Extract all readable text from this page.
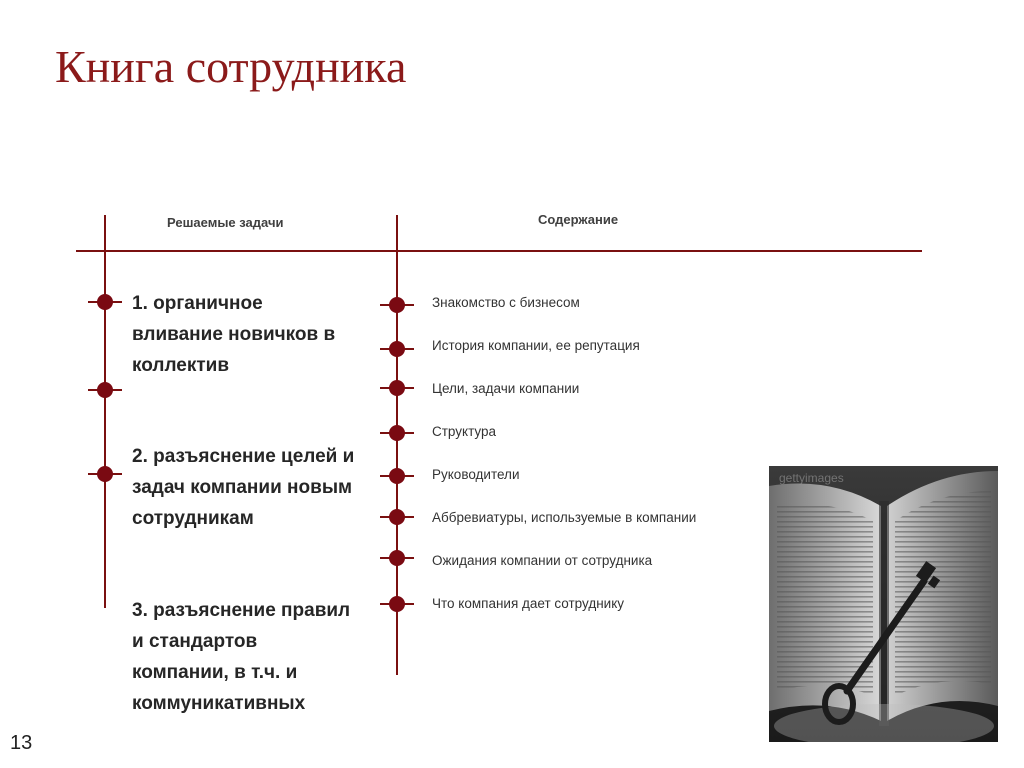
Книга сотрудника
Решаемые задачи	Содержание

1. органичное вливание новичков в коллектив

2. разъяснение целей и задач компании новым сотрудникам

3. разъяснение правил и стандартов компании, в т.ч. и коммуникативных

Знакомство с бизнесом
История компании, ее репутация
Цели, задачи компании
Структура
Руководители
Аббревиатуры, используемые в компании
Ожидания компании от сотрудника
Что компания дает сотруднику
gettyimages
13
